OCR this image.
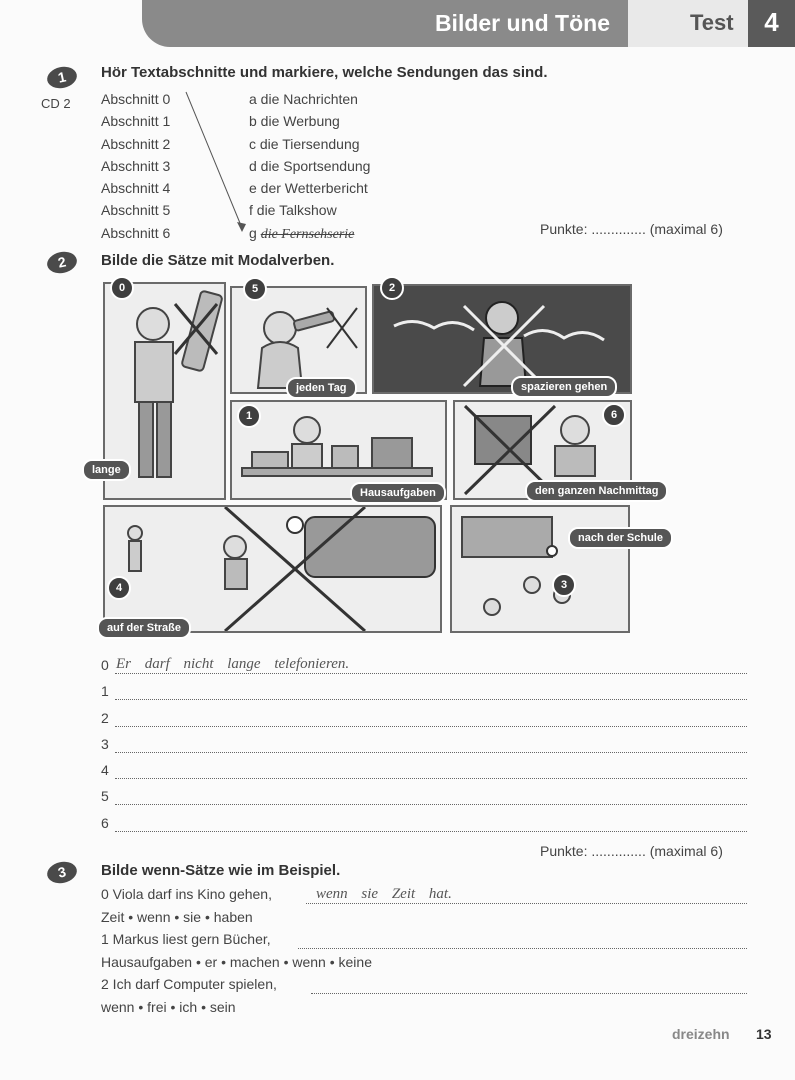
Bilder und Töne	Test	4
1
CD 2
Hör Textabschnitte und markiere, welche Sendungen das sind.
Abschnitt 0
Abschnitt 1
Abschnitt 2
Abschnitt 3
Abschnitt 4
Abschnitt 5
Abschnitt 6
a die Nachrichten
b die Werbung
c die Tiersendung
d die Sportsendung
e der Wetterbericht
f die Talkshow
g die Fernsehserie	Punkte: .............. (maximal 6)
2	Bilde die Sätze mit Modalverben.
0
lange
5
jeden Tag
2
spazieren gehen
1
Hausaufgaben
6
den ganzen Nachmittag
4
auf der Straße
3
nach der Schule
0 Er darf nicht lange telefonieren.
1
2
3
4
5
6
Punkte: .............. (maximal 6)
3	Bilde wenn-Sätze wie im Beispiel.
0 Viola darf ins Kino gehen,	wenn sie Zeit hat.
Zeit • wenn • sie • haben
1 Markus liest gern Bücher,
Hausaufgaben • er • machen • wenn • keine
2 Ich darf Computer spielen,
wenn • frei • ich • sein
dreizehn 13
